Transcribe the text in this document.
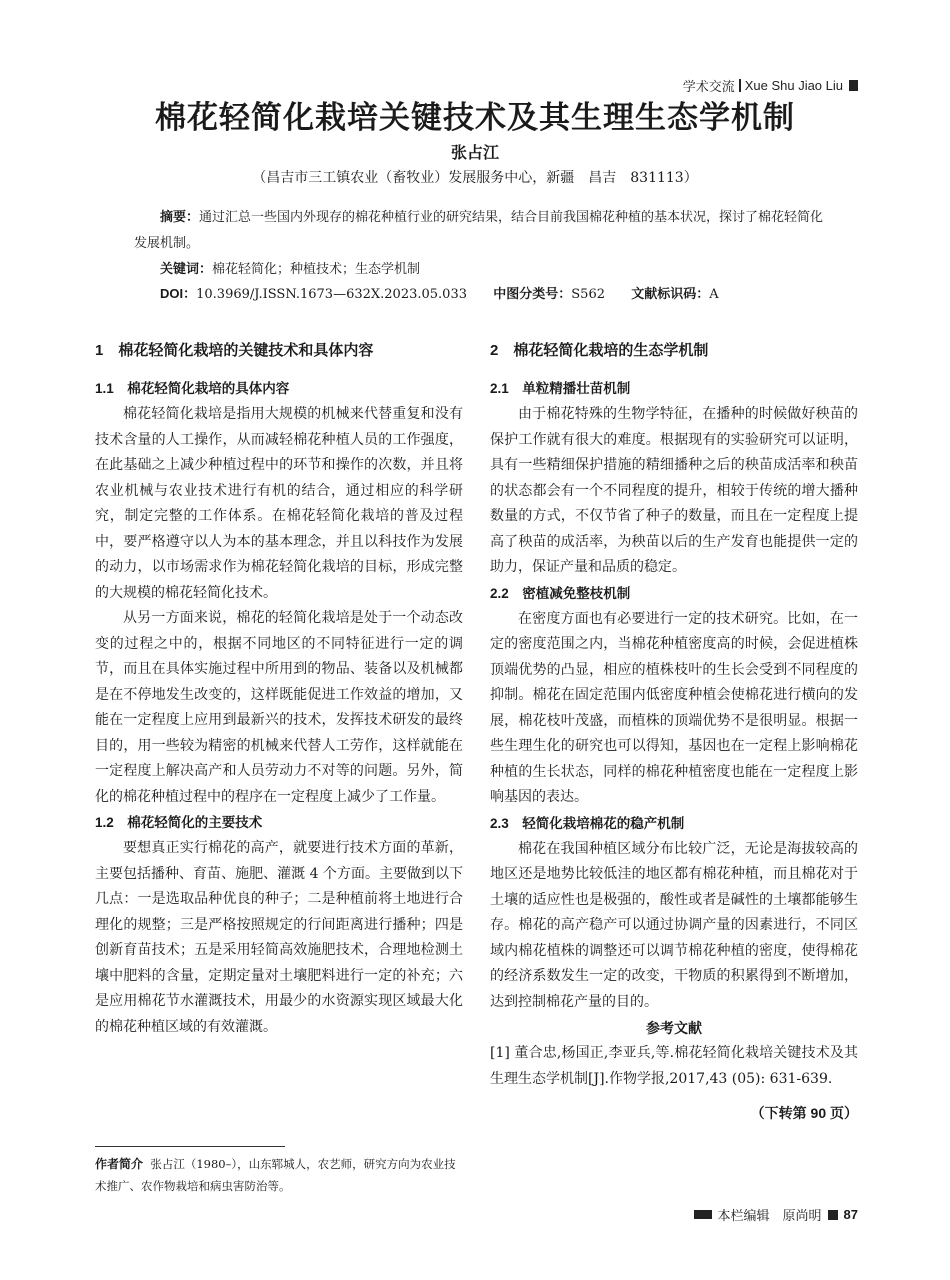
学术交流 Xue Shu Jiao Liu
棉花轻简化栽培关键技术及其生理生态学机制
张占江
（昌吉市三工镇农业（畜牧业）发展服务中心，新疆　昌吉　831113）

摘要：通过汇总一些国内外现存的棉花种植行业的研究结果，结合目前我国棉花种植的基本状况，探讨了棉花轻简化发展机制。

关键词：棉花轻简化；种植技术；生态学机制

DOI：10.3969/J.ISSN.1673—632X.2023.05.033 中图分类号：S562 文献标识码：A

1　棉花轻简化栽培的关键技术和具体内容
1.1　棉花轻简化栽培的具体内容

棉花轻简化栽培是指用大规模的机械来代替重复和没有技术含量的人工操作，从而减轻棉花种植人员的工作强度，在此基础之上减少种植过程中的环节和操作的次数，并且将农业机械与农业技术进行有机的结合，通过相应的科学研究，制定完整的工作体系。在棉花轻简化栽培的普及过程中，要严格遵守以人为本的基本理念，并且以科技作为发展的动力，以市场需求作为棉花轻简化栽培的目标，形成完整的大规模的棉花轻简化技术。

从另一方面来说，棉花的轻简化栽培是处于一个动态改变的过程之中的，根据不同地区的不同特征进行一定的调节，而且在具体实施过程中所用到的物品、装备以及机械都是在不停地发生改变的，这样既能促进工作效益的增加，又能在一定程度上应用到最新兴的技术，发挥技术研发的最终目的，用一些较为精密的机械来代替人工劳作，这样就能在一定程度上解决高产和人员劳动力不对等的问题。另外，简化的棉花种植过程中的程序在一定程度上减少了工作量。

1.2　棉花轻简化的主要技术

要想真正实行棉花的高产，就要进行技术方面的革新，主要包括播种、育苗、施肥、灌溉 4 个方面。主要做到以下几点：一是选取品种优良的种子；二是种植前将土地进行合理化的规整；三是严格按照规定的行间距离进行播种；四是创新育苗技术；五是采用轻简高效施肥技术，合理地检测土壤中肥料的含量，定期定量对土壤肥料进行一定的补充；六是应用棉花节水灌溉技术，用最少的水资源实现区域最大化的棉花种植区域的有效灌溉。

2　棉花轻简化栽培的生态学机制
2.1　单粒精播壮苗机制

由于棉花特殊的生物学特征，在播种的时候做好秧苗的保护工作就有很大的难度。根据现有的实验研究可以证明，具有一些精细保护措施的精细播种之后的秧苗成活率和秧苗的状态都会有一个不同程度的提升，相较于传统的增大播种数量的方式，不仅节省了种子的数量，而且在一定程度上提高了秧苗的成活率，为秧苗以后的生产发育也能提供一定的助力，保证产量和品质的稳定。

2.2　密植减免整枝机制

在密度方面也有必要进行一定的技术研究。比如，在一定的密度范围之内，当棉花种植密度高的时候，会促进植株顶端优势的凸显，相应的植株枝叶的生长会受到不同程度的抑制。棉花在固定范围内低密度种植会使棉花进行横向的发展，棉花枝叶茂盛，而植株的顶端优势不是很明显。根据一些生理生化的研究也可以得知，基因也在一定程上影响棉花种植的生长状态，同样的棉花种植密度也能在一定程度上影响基因的表达。

2.3　轻简化栽培棉花的稳产机制

棉花在我国种植区域分布比较广泛，无论是海拔较高的地区还是地势比较低洼的地区都有棉花种植，而且棉花对于土壤的适应性也是极强的，酸性或者是碱性的土壤都能够生存。棉花的高产稳产可以通过协调产量的因素进行，不同区域内棉花植株的调整还可以调节棉花种植的密度，使得棉花的经济系数发生一定的改变，干物质的积累得到不断增加，达到控制棉花产量的目的。

参考文献

[1] 董合忠,杨国正,李亚兵,等.棉花轻简化栽培关键技术及其生理生态学机制[J].作物学报,2017,43 (05): 631-639.

（下转第 90 页）
作者简介 张占江（1980–），山东郓城人，农艺师，研究方向为农业技术推广、农作物栽培和病虫害防治等。
本栏编辑　原尚明 87
